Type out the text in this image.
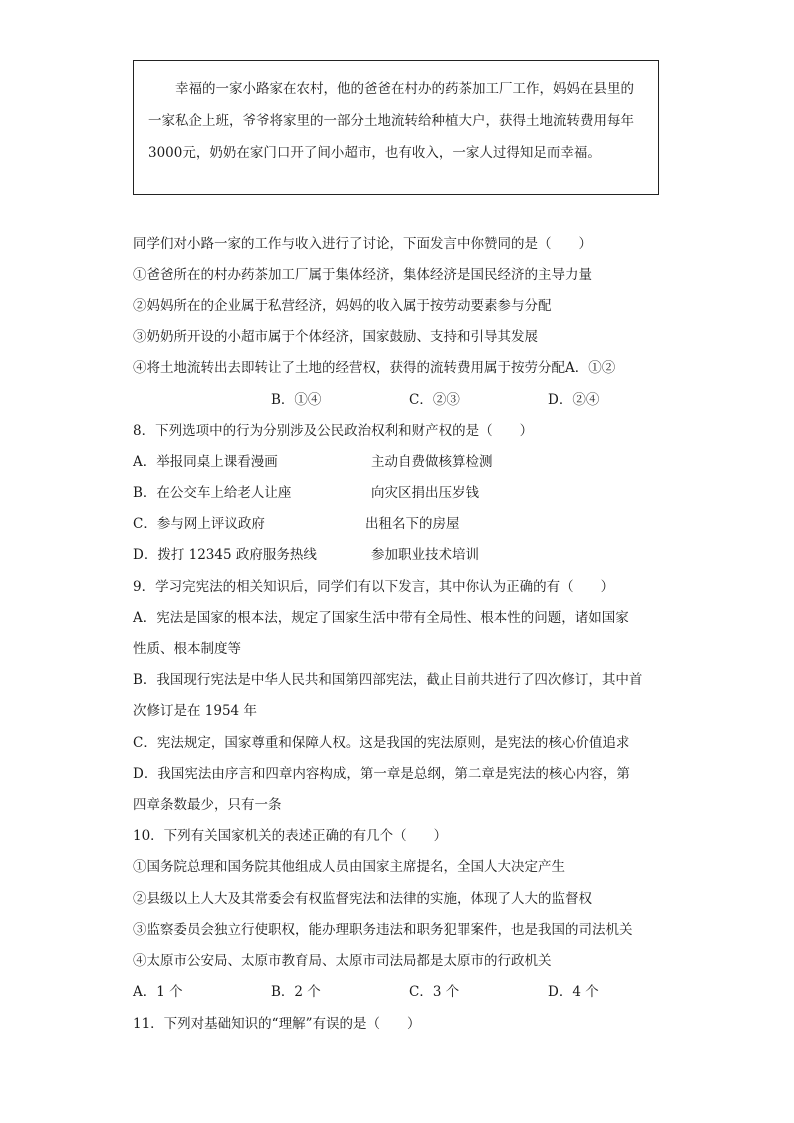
幸福的一家小路家在农村，他的爸爸在村办的药茶加工厂工作，妈妈在县里的一家私企上班，爷爷将家里的一部分土地流转给种植大户，获得土地流转费用每年3000元，奶奶在家门口开了间小超市，也有收入，一家人过得知足而幸福。

同学们对小路一家的工作与收入进行了讨论，下面发言中你赞同的是（　　）
①爸爸所在的村办药茶加工厂属于集体经济，集体经济是国民经济的主导力量
②妈妈所在的企业属于私营经济，妈妈的收入属于按劳动要素参与分配
③奶奶所开设的小超市属于个体经济，国家鼓励、支持和引导其发展
④将土地流转出去即转让了土地的经营权，获得的流转费用属于按劳分配A．①②
B．①④	C．②③	D．②④
8．下列选项中的行为分别涉及公民政治权利和财产权的是（　　）
A．举报同桌上课看漫画	主动自费做核算检测
B．在公交车上给老人让座	向灾区捐出压岁钱
C．参与网上评议政府	出租名下的房屋
D．拨打 12345 政府服务热线	参加职业技术培训
9．学习完宪法的相关知识后，同学们有以下发言，其中你认为正确的有（　　）
A．宪法是国家的根本法，规定了国家生活中带有全局性、根本性的问题，诸如国家
性质、根本制度等
B．我国现行宪法是中华人民共和国第四部宪法，截止目前共进行了四次修订，其中首
次修订是在 1954 年
C．宪法规定，国家尊重和保障人权。这是我国的宪法原则，是宪法的核心价值追求
D．我国宪法由序言和四章内容构成，第一章是总纲，第二章是宪法的核心内容，第
四章条数最少，只有一条
10．下列有关国家机关的表述正确的有几个（　　）
①国务院总理和国务院其他组成人员由国家主席提名，全国人大决定产生
②县级以上人大及其常委会有权监督宪法和法律的实施，体现了人大的监督权
③监察委员会独立行使职权，能办理职务违法和职务犯罪案件，也是我国的司法机关
④太原市公安局、太原市教育局、太原市司法局都是太原市的行政机关
A．1 个	B．2 个	C．3 个	D．4 个
11．下列对基础知识的“理解”有误的是（　　）
